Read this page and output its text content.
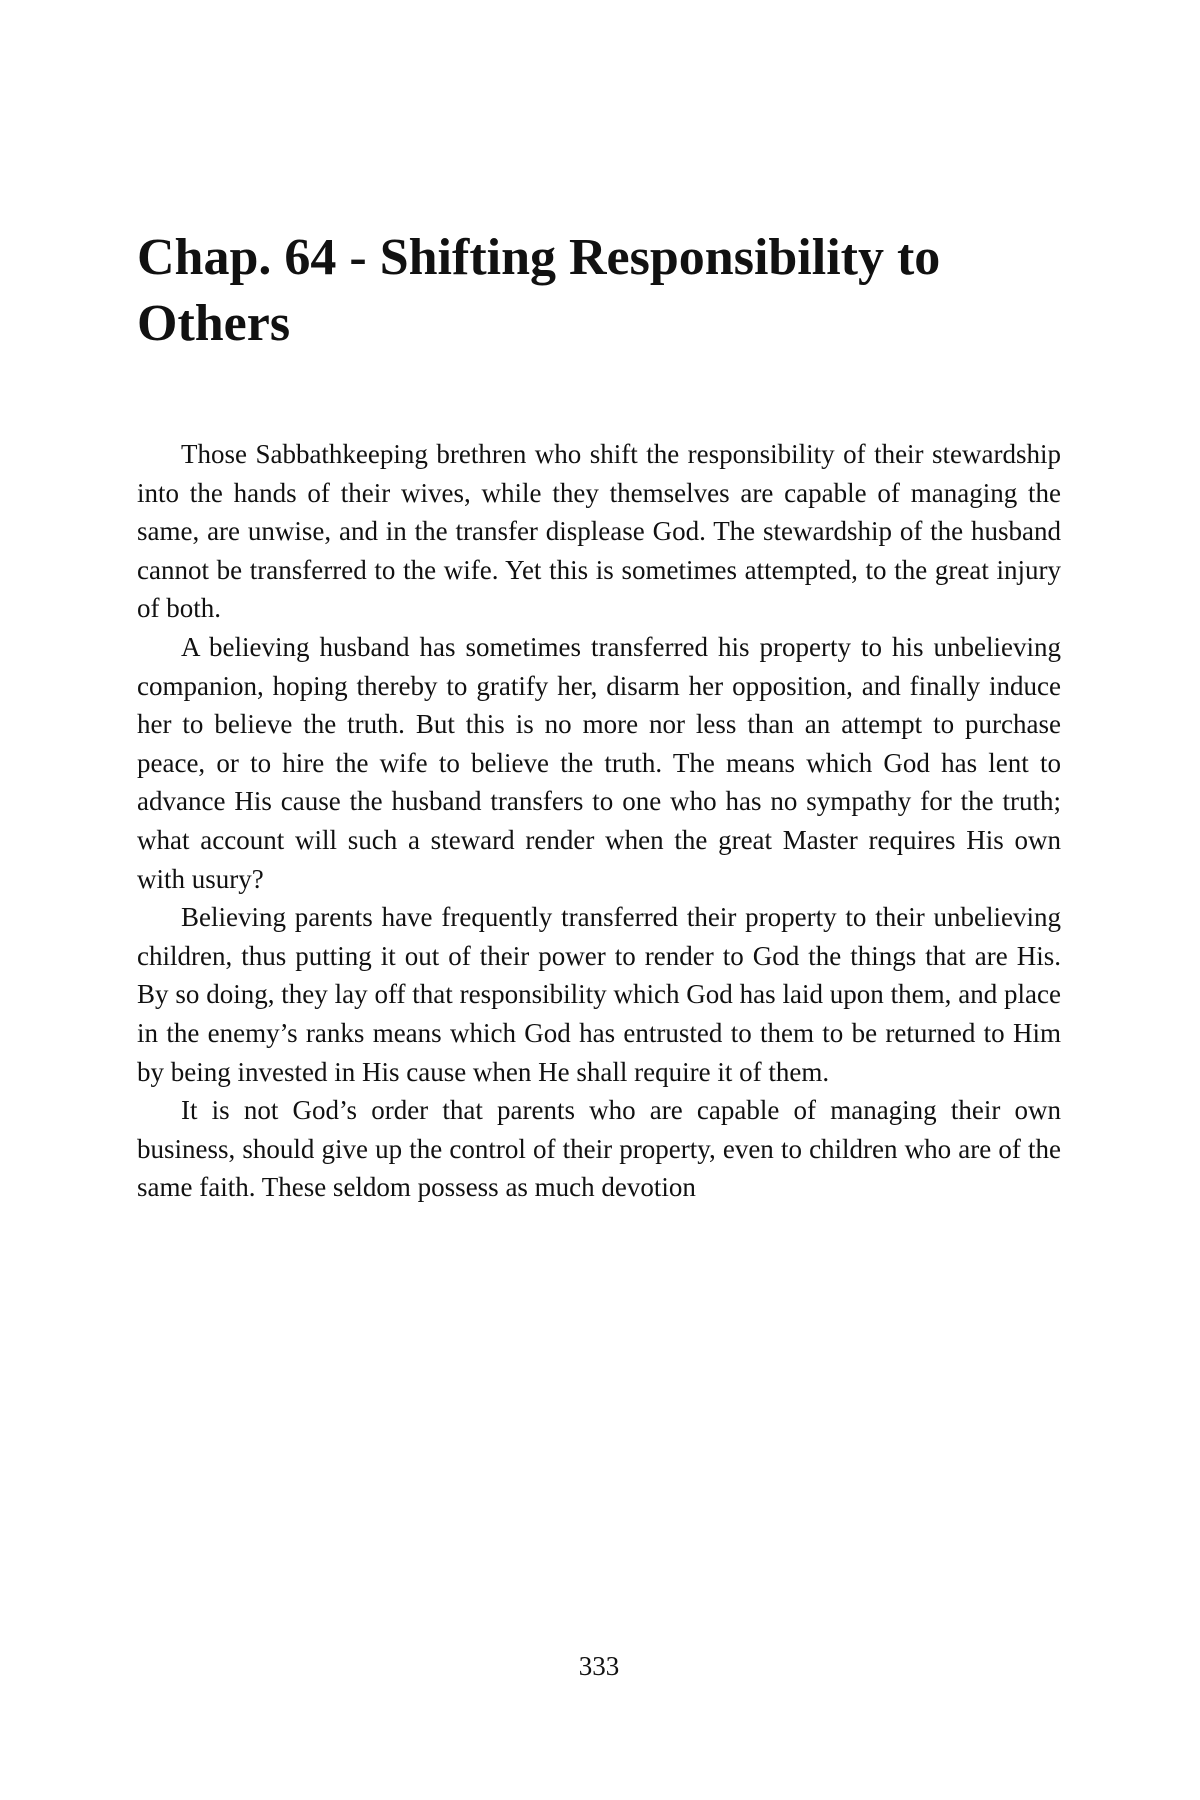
Chap. 64 - Shifting Responsibility to Others

Those Sabbathkeeping brethren who shift the responsibility of their stewardship into the hands of their wives, while they themselves are capable of managing the same, are unwise, and in the transfer displease God. The stewardship of the husband cannot be transferred to the wife. Yet this is sometimes attempted, to the great injury of both.

A believing husband has sometimes transferred his property to his unbelieving companion, hoping thereby to gratify her, disarm her opposition, and finally induce her to believe the truth. But this is no more nor less than an attempt to purchase peace, or to hire the wife to believe the truth. The means which God has lent to advance His cause the husband transfers to one who has no sympathy for the truth; what account will such a steward render when the great Master requires His own with usury?

Believing parents have frequently transferred their property to their unbelieving children, thus putting it out of their power to render to God the things that are His. By so doing, they lay off that responsibility which God has laid upon them, and place in the enemy’s ranks means which God has entrusted to them to be returned to Him by being invested in His cause when He shall require it of them.

It is not God’s order that parents who are capable of managing their own business, should give up the control of their property, even to children who are of the same faith. These seldom possess as much devotion

333
